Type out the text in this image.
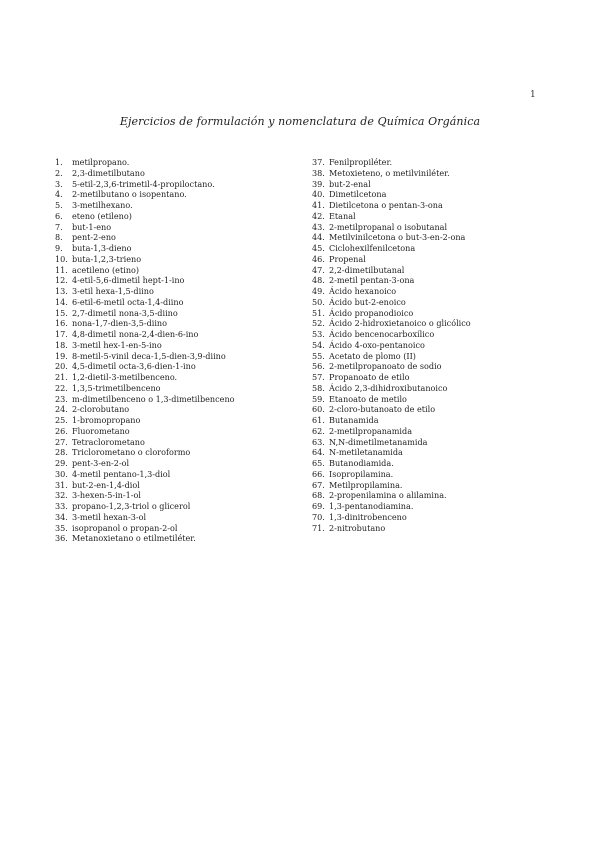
1
Ejercicios de formulación y nomenclatura de Química Orgánica
1.	metilpropano.
2.	2,3-dimetilbutano
3.	5-etil-2,3,6-trimetil-4-propiloctano.
4.	2-metilbutano o isopentano.
5.	3-metilhexano.
6.	eteno (etileno)
7.	but-1-eno
8.	pent-2-eno
9.	buta-1,3-dieno
10. buta-1,2,3-trieno
11. acetileno (etino)
12. 4-etil-5,6-dimetil hept-1-ino
13. 3-etil hexa-1,5-diino
14. 6-etil-6-metil octa-1,4-diino
15. 2,7-dimetil nona-3,5-diino
16. nona-1,7-dien-3,5-diino
17. 4,8-dimetil nona-2,4-dien-6-ino
18. 3-metil hex-1-en-5-ino
19. 8-metil-5-vinil deca-1,5-dien-3,9-diino
20. 4,5-dimetil octa-3,6-dien-1-ino
21. 1,2-dietil-3-metilbenceno.
22. 1,3,5-trimetilbenceno
23. m-dimetilbenceno o 1,3-dimetilbenceno
24. 2-clorobutano
25. 1-bromopropano
26. Fluorometano
27. Tetraclorometano
28. Triclorometano o cloroformo
29. pent-3-en-2-ol
30. 4-metil pentano-1,3-diol
31. but-2-en-1,4-diol
32. 3-hexen-5-in-1-ol
33. propano-1,2,3-triol o glicerol
34. 3-metil hexan-3-ol
35. isopropanol o propan-2-ol
36. Metanoxietano o etilmetiléter.
37. Fenilpropiléter.
38. Metoxieteno, o metilviniléter.
39. but-2-enal
40. Dimetilcetona
41. Dietilcetona o pentan-3-ona
42. Etanal
43. 2-metilpropanal o isobutanal
44. Metilvinilcetona o but-3-en-2-ona
45. Ciclohexilfenilcetona
46. Propenal
47. 2,2-dimetilbutanal
48. 2-metil pentan-3-ona
49. Ácido hexanoico
50. Ácido but-2-enoico
51. Ácido propanodioico
52. Ácido 2-hidroxietanoico o glicólico
53. Ácido bencenocarboxílico
54. Ácido 4-oxo-pentanoico
55. Acetato de plomo (II)
56. 2-metilpropanoato de sodio
57. Propanoato de etilo
58. Ácido 2,3-dihidroxibutanoico
59. Etanoato de metilo
60. 2-cloro-butanoato de etilo
61. Butanamida
62. 2-metilpropanamida
63. N,N-dimetilmetanamida
64. N-metiletanamida
65. Butanodiamida.
66. Isopropilamina.
67. Metilpropilamina.
68. 2-propenilamina o alilamina.
69. 1,3-pentanodiamina.
70. 1,3-dinitrobenceno
71. 2-nitrobutano
